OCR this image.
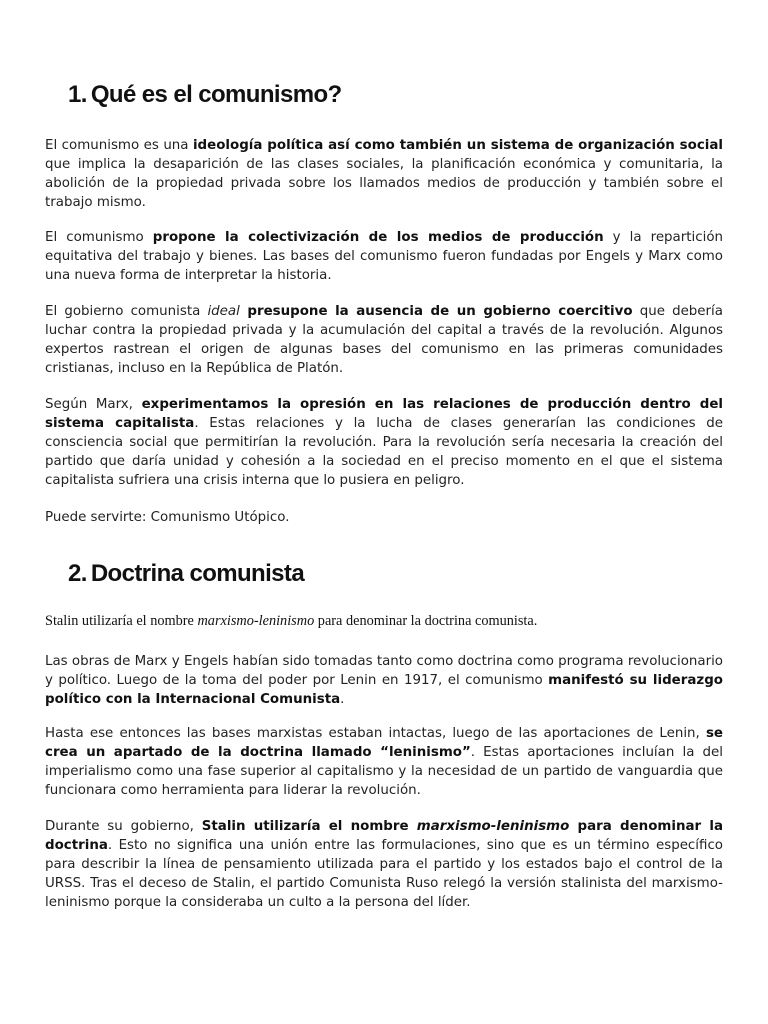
1. Qué es el comunismo?

El comunismo es una ideología política así como también un sistema de organización social que implica la desaparición de las clases sociales, la planificación económica y comunitaria, la abolición de la propiedad privada sobre los llamados medios de producción y también sobre el trabajo mismo.

El comunismo propone la colectivización de los medios de producción y la repartición equitativa del trabajo y bienes. Las bases del comunismo fueron fundadas por Engels y Marx como una nueva forma de interpretar la historia.

El gobierno comunista ideal presupone la ausencia de un gobierno coercitivo que debería luchar contra la propiedad privada y la acumulación del capital a través de la revolución. Algunos expertos rastrean el origen de algunas bases del comunismo en las primeras comunidades cristianas, incluso en la República de Platón.

Según Marx, experimentamos la opresión en las relaciones de producción dentro del sistema capitalista. Estas relaciones y la lucha de clases generarían las condiciones de consciencia social que permitirían la revolución. Para la revolución sería necesaria la creación del partido que daría unidad y cohesión a la sociedad en el preciso momento en el que el sistema capitalista sufriera una crisis interna que lo pusiera en peligro.

Puede servirte: Comunismo Utópico.

2. Doctrina comunista

Stalin utilizaría el nombre marxismo-leninismo para denominar la doctrina comunista.

Las obras de Marx y Engels habían sido tomadas tanto como doctrina como programa revolucionario y político. Luego de la toma del poder por Lenin en 1917, el comunismo manifestó su liderazgo político con la Internacional Comunista.

Hasta ese entonces las bases marxistas estaban intactas, luego de las aportaciones de Lenin, se crea un apartado de la doctrina llamado “leninismo”. Estas aportaciones incluían la del imperialismo como una fase superior al capitalismo y la necesidad de un partido de vanguardia que funcionara como herramienta para liderar la revolución.

Durante su gobierno, Stalin utilizaría el nombre marxismo-leninismo para denominar la doctrina. Esto no significa una unión entre las formulaciones, sino que es un término específico para describir la línea de pensamiento utilizada para el partido y los estados bajo el control de la URSS. Tras el deceso de Stalin, el partido Comunista Ruso relegó la versión stalinista del marxismo-leninismo porque la consideraba un culto a la persona del líder.
